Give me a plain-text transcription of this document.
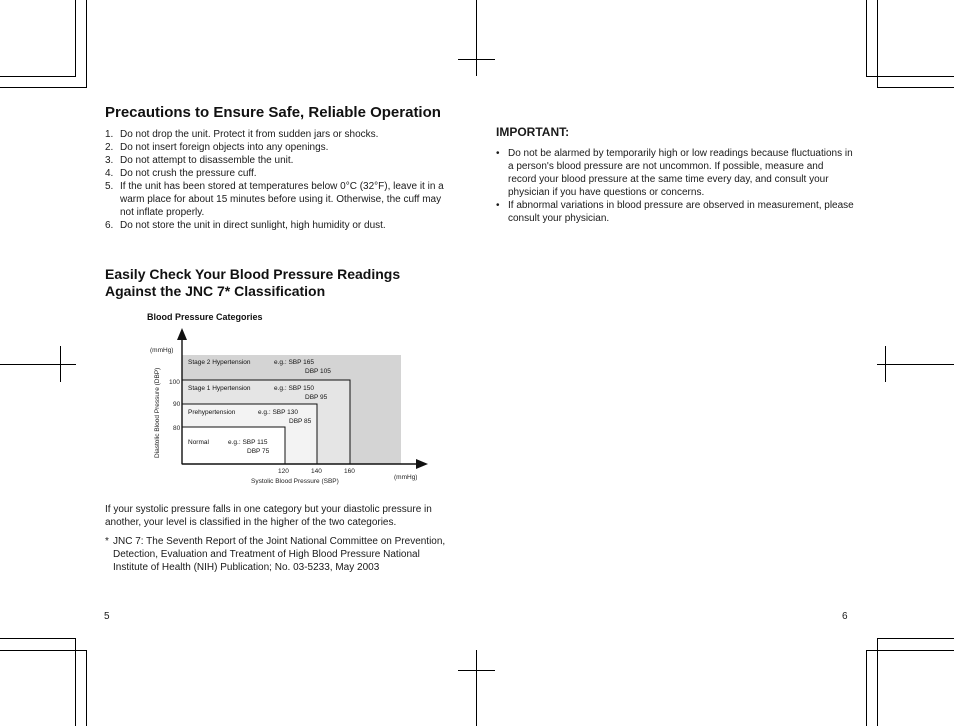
Precautions to Ensure Safe, Reliable Operation
1. Do not drop the unit. Protect it from sudden jars or shocks.
2. Do not insert foreign objects into any openings.
3. Do not attempt to disassemble the unit.
4. Do not crush the pressure cuff.
5. If the unit has been stored at temperatures below 0°C (32°F), leave it in a warm place for about 15 minutes before using it. Otherwise, the cuff may not inflate properly.
6. Do not store the unit in direct sunlight, high humidity or dust.
Easily Check Your Blood Pressure Readings
Against the JNC 7* Classification
Blood Pressure Categories
(mmHg)
Diastolic Blood Pressure (DBP)
(mmHg)
Systolic Blood Pressure (SBP)
100
90
80
120	140	160
Stage 2 Hypertension	e.g.: SBP 165
DBP 105
Stage 1 Hypertension	e.g.: SBP 150
DBP 95
Prehypertension	e.g.: SBP 130
DBP 85
Normal	e.g.: SBP 115
DBP 75

If your systolic pressure falls in one category but your diastolic pressure in another, your level is classified in the higher of the two categories.

* JNC 7: The Seventh Report of the Joint National Committee on Prevention, Detection, Evaluation and Treatment of High Blood Pressure National Institute of Health (NIH) Publication; No. 03-5233, May 2003
5
IMPORTANT:
• Do not be alarmed by temporarily high or low readings because fluctuations in a person's blood pressure are not uncommon. If possible, measure and record your blood pressure at the same time every day, and consult your physician if you have questions or concerns.
• If abnormal variations in blood pressure are observed in measurement, please consult your physician.
6
